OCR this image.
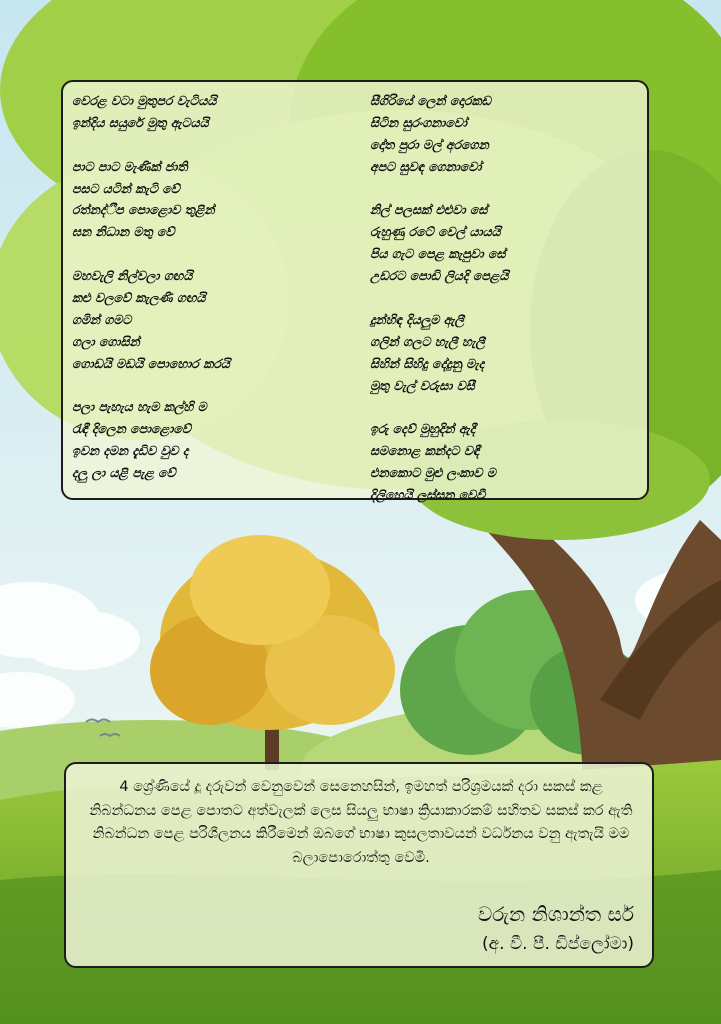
වෙරළ වටා මුතුපර වැටියයි
ඉන්දිය සයුරේ මුතු ඇටයයි
පාට පාට මැණික් ජාති
පසට යටින් කැටි වේ
රත්නද්ීප පොළොව තුළින්
ඝන නිධාන මතු වේ
මහවැලි නිල්වලා ගඟයි
කළු වලවේ කැලණි ගඟයි
ගමින් ගමට
ගලා ගොසින්
ගොඩයි මඩයි පොහොර කරයි
පලා පැහැය හැම කල්හි ම
රැඳී දිලෙන පොළොවේ
ඉවන දමන දැඩිව වුව ද
දලු ලා යළි පැළ වේ
සීගිරියේ ලෙන් දොරකඩ
සිටින සුරංගනාවෝ
දෝත පුරා මල් අරගෙන
අපට සුවඳ ගෙනාවෝ
නිල් පලසක් එළුවා සේ
රුහුණු රටේ වෙල් යායයි
පිය ගැට පෙළ කැපුවා සේ
උඩරට පොඩි ලියදි පෙළයි
දුන්හිඳ දියලුම ඇලී
ගලින් ගලට හැලී හැලී
සිහින් සිහිදු දේදුනු මැද
මුතු වැල් වරුසා වසී
ඉරු දෙව් මුහුදින් ඇදී
සමනොළ කන්දට වඳී
එනකොට මුළු ලංකාව ම
දිලිහෙයි ලස්සන වෙවී
4 ශ්‍රේණියේ දූ දරුවන් වෙනුවෙන් සෙනෙහසින්, ඉමහත් පරිශ්‍රමයක් දරා සකස් කළ නිබන්ධනය පෙළ පොතට අත්වැලක් ලෙස සියලු භාෂා ක්‍රියාකාරකම් සහිතව සකස් කර ඇති නිබන්ධන පෙළ පරිශීලනය කිරීමෙන් ඔබගේ භාෂා කුසලතාවයන් වර්ධනය වනු ඇතැයි මම බලාපොරොත්තු වෙමි.
වරුන නිශාන්ත සර්
(අ. වී. පී. ඩිප්ලෝමා)
